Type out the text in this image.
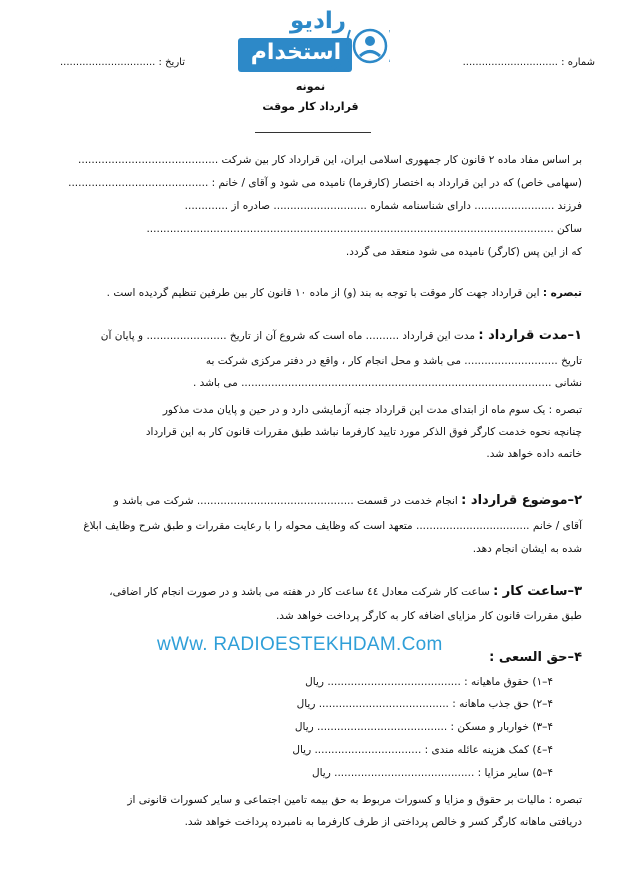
رادیو
استخدام	شماره : ..............................
تاریخ : ..............................
نمونه
قرارداد کار موقت
بر اساس مفاد ماده ۲ قانون کار جمهوری اسلامی ایران، این قرارداد کار بین شرکت ..........................................
(سهامی خاص) که در این قرارداد به اختصار (کارفرما) نامیده می شود و آقای / خانم : ..........................................
فرزند ........................ دارای شناسنامه شماره ............................ صادره از .............
ساکن ..........................................................................................................................
که از این پس (کارگر) نامیده می شود منعقد می گردد.
تبصره : این قرارداد جهت کار موقت با توجه به بند (و) از ماده ۱۰ قانون کار بین طرفین تنظیم گردیده است .
۱–مدت قرارداد : مدت این قرارداد .......... ماه است که شروع آن از تاریخ ........................ و پایان آن
تاریخ ............................ می باشد و محل انجام کار ، واقع در دفتر مرکزی شرکت به
نشانی ............................................................................................. می باشد .
تبصره : یک سوم ماه از ابتدای مدت این قرارداد جنبه آزمایشی دارد و در حین و پایان مدت مذکور
چنانچه نحوه خدمت کارگر فوق الذکر مورد تایید کارفرما نباشد طبق مقررات قانون کار به این قرارداد
خاتمه داده خواهد شد.
۲–موضوع قرارداد : انجام خدمت در قسمت ............................................... شرکت می باشد و
آقای / خانم .................................. متعهد است که وظایف محوله را با رعایت مقررات و طبق شرح وظایف ابلاغ
شده به ایشان انجام دهد.
۳–ساعت کار : ساعت کار شرکت معادل ٤٤ ساعت کار در هفته می باشد و در صورت انجام کار اضافی،
طبق مقررات قانون کار مزایای اضافه کار به کارگر پرداخت خواهد شد.
wWw. RADIOESTEKHDAM.Com
۴–حق السعی :
۴–۱) حقوق ماهیانه : ........................................ ریال
۴–۲) حق جذب ماهانه : ....................................... ریال
۴–۳) خواربار و مسکن : ....................................... ریال
۴–٤) کمک هزینه عائله مندی : ................................ ریال
۴–۵) سایر مزایا : .......................................... ریال
تبصره : مالیات بر حقوق و مزایا و کسورات مربوط به حق بیمه تامین اجتماعی و سایر کسورات قانونی از
دریافتی ماهانه کارگر کسر و خالص پرداختی از طرف کارفرما به نامبرده پرداخت خواهد شد.
